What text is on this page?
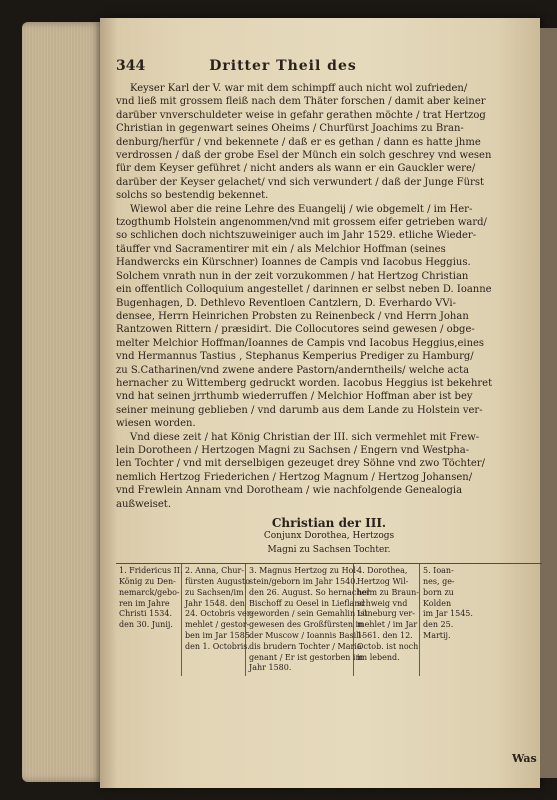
344	Dritter Theil des
Keyser Karl der V. war mit dem schimpff auch nicht wol zufrieden/
vnd ließ mit grossem fleiß nach dem Thäter forschen / damit aber keiner
darüber vnverschuldeter weise in gefahr gerathen möchte / trat Hertzog
Christian in gegenwart seines Oheims / Churfürst Joachims zu Bran-
denburg/herfür / vnd bekennete / daß er es gethan / dann es hatte jhme
verdrossen / daß der grobe Esel der Münch ein solch geschrey vnd wesen
für dem Keyser geführet / nicht anders als wann er ein Gauckler were/
darüber der Keyser gelachet/ vnd sich verwundert / daß der Junge Fürst
solchs so bestendig bekennet.
Wiewol aber die reine Lehre des Euangelij / wie obgemelt / im Her-
tzogthumb Holstein angenommen/vnd mit grossem eifer getrieben ward/
so schlichen doch nichtszuweiniger auch im Jahr 1529. etliche Wieder-
täuffer vnd Sacramentirer mit ein / als Melchior Hoffman (seines
Handwercks ein Kürschner) Ioannes de Campis vnd Iacobus Heggius.
Solchem vnrath nun in der zeit vorzukommen / hat Hertzog Christian
ein offentlich Colloquium angestellet / darinnen er selbst neben D. Ioanne
Bugenhagen, D. Dethlevo Reventloen Cantzlern, D. Everhardo VVi-
densee, Herrn Heinrichen Probsten zu Reinenbeck / vnd Herrn Johan
Rantzowen Rittern / præsidirt. Die Collocutores seind gewesen / obge-
melter Melchior Hoffman/Ioannes de Campis vnd Iacobus Heggius,eines
vnd Hermannus Tastius , Stephanus Kemperius Prediger zu Hamburg/
zu S.Catharinen/vnd zwene andere Pastorn/anderntheils/ welche acta
hernacher zu Wittemberg gedruckt worden. Iacobus Heggius ist bekehret
vnd hat seinen jrrthumb wiederruffen / Melchior Hoffman aber ist bey
seiner meinung geblieben / vnd darumb aus dem Lande zu Holstein ver-
wiesen worden.
Vnd diese zeit / hat König Christian der III. sich vermehlet mit Frew-
lein Dorotheen / Hertzogen Magni zu Sachsen / Engern vnd Westpha-
len Tochter / vnd mit derselbigen gezeuget drey Söhne vnd zwo Töchter/
nemlich Hertzog Friederichen / Hertzog Magnum / Hertzog Johansen/
vnd Frewlein Annam vnd Dorotheam / wie nachfolgende Genealogia
außweiset.
Christian der III.
Conjunx Dorothea, Hertzogs
Magni zu Sachsen Tochter.
1. Fridericus II.
König zu Den-
nemarck/gebo-
ren im Jahre
Christi 1534.
den 30. Junij.
2. Anna, Chur-
fürsten Augusto
zu Sachsen/im
Jahr 1548. den
24. Octobris ver-
mehlet / gestor-
ben im Jar 1585
den 1. Octobris.
3. Magnus Hertzog zu Hol-
stein/geborn im Jahr 1540.
den 26. August. So hernacher
Bischoff zu Oesel in Liefland
geworden / sein Gemahlin ist
gewesen des Großfürsten in
der Muscow / Ioannis Basili-
dis brudern Tochter / Maria
genant / Er ist gestorben im
Jahr 1580.
4. Dorothea,
Hertzog Wil-
helm zu Braun-
schweig vnd
Lüneburg ver-
mehlet / im Jar
1561. den 12.
Octob. ist noch
im lebend.
5. Ioan-
nes, ge-
born zu
Kolden
im Jar 1545.
den 25.
Martij.
Was
